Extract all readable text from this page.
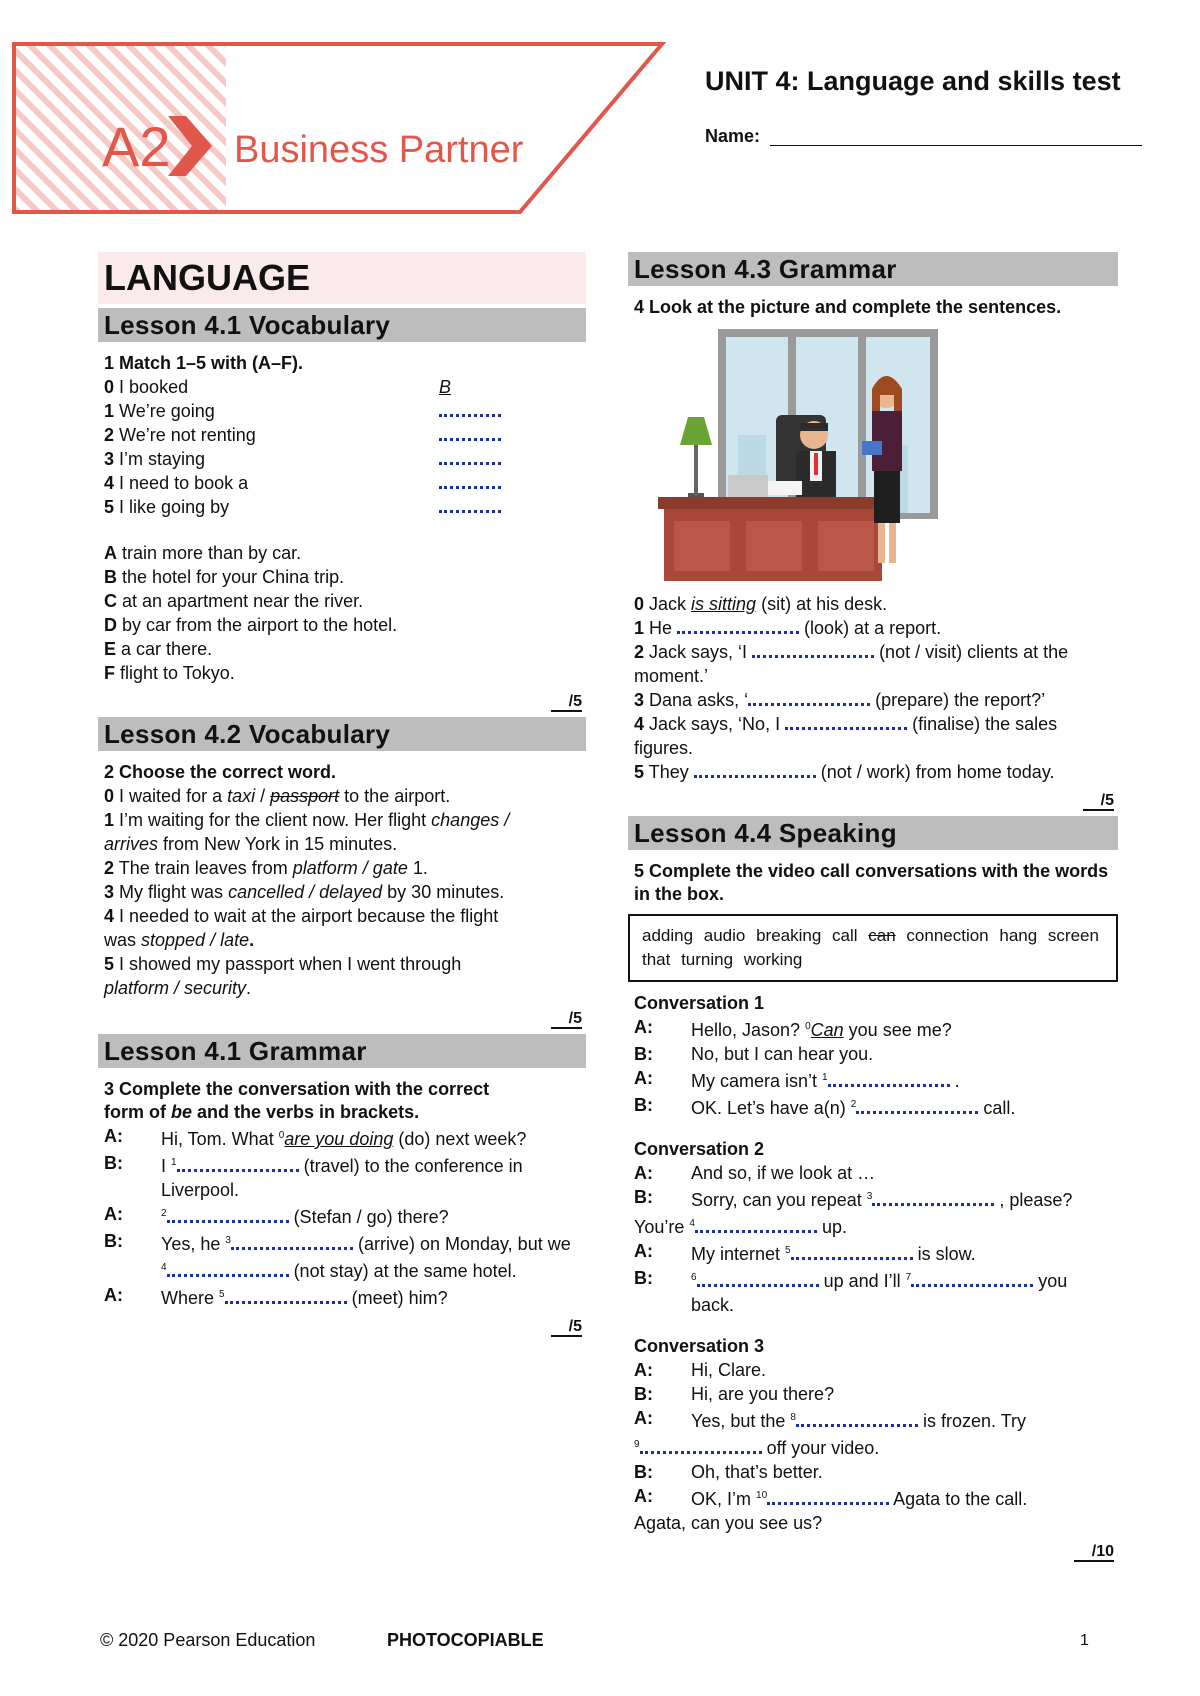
A2 Business Partner
UNIT 4: Language and skills test
Name:
LANGUAGE
Lesson 4.1 Vocabulary
1 Match 1–5 with (A–F).
0 I booked	B
1 We’re going
2 We’re not renting
3 I’m staying
4 I need to book a
5 I like going by
A train more than by car.
B the hotel for your China trip.
C at an apartment near the river.
D by car from the airport to the hotel.
E a car there.
F flight to Tokyo.
/5
Lesson 4.2 Vocabulary
2 Choose the correct word.
0 I waited for a taxi / passport to the airport.
1 I’m waiting for the client now. Her flight changes /
arrives from New York in 15 minutes.
2 The train leaves from platform / gate 1.
3 My flight was cancelled / delayed by 30 minutes.
4 I needed to wait at the airport because the flight
was stopped / late.
5 I showed my passport when I went through
platform / security.
/5
Lesson 4.1 Grammar
3 Complete the conversation with the correct
form of be and the verbs in brackets.
A:	Hi, Tom. What $^0$are you doing (do) next week?
B:	I $^1$	(travel) to the conference in Liverpool.
A:	$^2$	(Stefan / go) there?
B:	Yes, he $^3$	(arrive) on Monday, but we $^4$	(not stay) at the same hotel.
A:	Where $^5$	(meet) him?
/5
Lesson 4.3 Grammar
4 Look at the picture and complete the sentences.
0 Jack is sitting (sit) at his desk.
1 He	(look) at a report.
2 Jack says, ‘I	(not / visit) clients at the moment.’
3 Dana asks, ‘	(prepare) the report?’
4 Jack says, ‘No, I	(finalise) the sales figures.
5 They	(not / work) from home today.
/5
Lesson 4.4 Speaking
5 Complete the video call conversations with the words in the box.
adding audio breaking call can connection hang screen that turning working
Conversation 1
A:	Hello, Jason? $^0$Can you see me?
B:	No, but I can hear you.
A:	My camera isn’t $^1$	.
B:	OK. Let’s have a(n) $^2$	call.
Conversation 2
A:	And so, if we look at …
B:	Sorry, can you repeat $^3$	, please?
You’re $^4$	up.
A:	My internet $^5$	is slow.
B:	$^6$	up and I’ll $^7$	you back.
Conversation 3
A:	Hi, Clare.
B:	Hi, are you there?
A:	Yes, but the $^8$	is frozen. Try
$^9$	off your video.
B:	Oh, that’s better.
A:	OK, I’m $^{10}$	Agata to the call.
Agata, can you see us?
/10
© 2020 Pearson Education	PHOTOCOPIABLE	1
